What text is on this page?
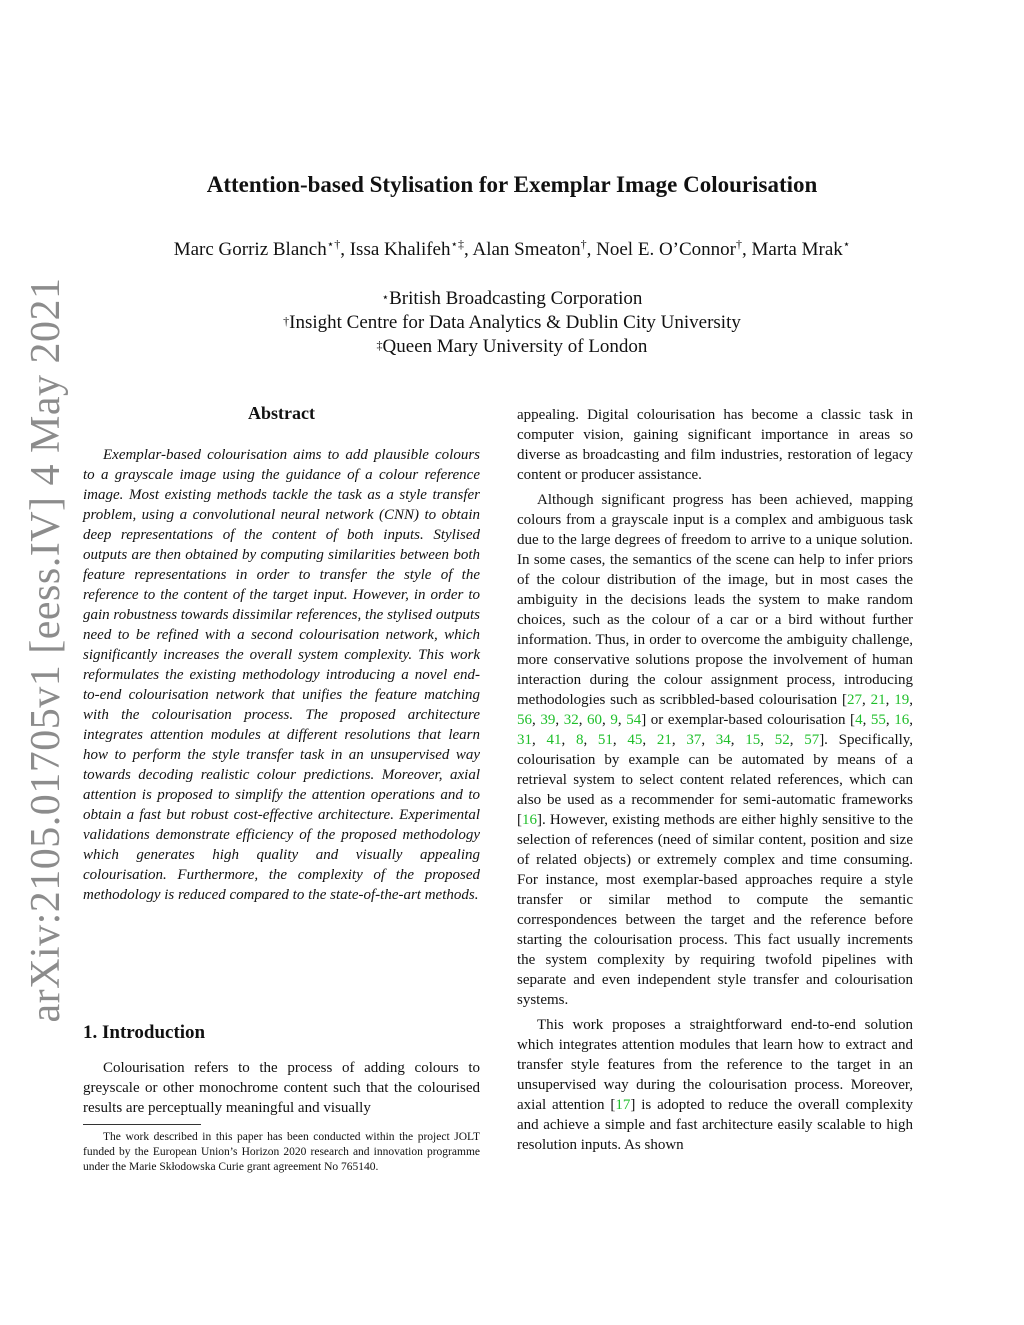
arXiv:2105.01705v1 [eess.IV] 4 May 2021
Attention-based Stylisation for Exemplar Image Colourisation
Marc Gorriz Blanch⋆†, Issa Khalifeh⋆‡, Alan Smeaton†, Noel E. O’Connor†, Marta Mrak⋆
⋆British Broadcasting Corporation
†Insight Centre for Data Analytics & Dublin City University
‡Queen Mary University of London
Abstract

Exemplar-based colourisation aims to add plausible colours to a grayscale image using the guidance of a colour reference image. Most existing methods tackle the task as a style transfer problem, using a convolutional neural network (CNN) to obtain deep representations of the content of both inputs. Stylised outputs are then obtained by computing similarities between both feature representations in order to transfer the style of the reference to the content of the target input. However, in order to gain robustness towards dissimilar references, the stylised outputs need to be refined with a second colourisation network, which significantly increases the overall system complexity. This work reformulates the existing methodology introducing a novel end-to-end colourisation network that unifies the feature matching with the colourisation process. The proposed architecture integrates attention modules at different resolutions that learn how to perform the style transfer task in an unsupervised way towards decoding realistic colour predictions. Moreover, axial attention is proposed to simplify the attention operations and to obtain a fast but robust cost-effective architecture. Experimental validations demonstrate efficiency of the proposed methodology which generates high quality and visually appealing colourisation. Furthermore, the complexity of the proposed methodology is reduced compared to the state-of-the-art methods.

1. Introduction

Colourisation refers to the process of adding colours to greyscale or other monochrome content such that the colourised results are perceptually meaningful and visually

The work described in this paper has been conducted within the project JOLT funded by the European Union’s Horizon 2020 research and innovation programme under the Marie Skłodowska Curie grant agreement No 765140.

appealing. Digital colourisation has become a classic task in computer vision, gaining significant importance in areas so diverse as broadcasting and film industries, restoration of legacy content or producer assistance.

Although significant progress has been achieved, mapping colours from a grayscale input is a complex and ambiguous task due to the large degrees of freedom to arrive to a unique solution. In some cases, the semantics of the scene can help to infer priors of the colour distribution of the image, but in most cases the ambiguity in the decisions leads the system to make random choices, such as the colour of a car or a bird without further information. Thus, in order to overcome the ambiguity challenge, more conservative solutions propose the involvement of human interaction during the colour assignment process, introducing methodologies such as scribbled-based colourisation [27, 21, 19, 56, 39, 32, 60, 9, 54] or exemplar-based colourisation [4, 55, 16, 31, 41, 8, 51, 45, 21, 37, 34, 15, 52, 57]. Specifically, colourisation by example can be automated by means of a retrieval system to select content related references, which can also be used as a recommender for semi-automatic frameworks [16]. However, existing methods are either highly sensitive to the selection of references (need of similar content, position and size of related objects) or extremely complex and time consuming. For instance, most exemplar-based approaches require a style transfer or similar method to compute the semantic correspondences between the target and the reference before starting the colourisation process. This fact usually increments the system complexity by requiring twofold pipelines with separate and even independent style transfer and colourisation systems.

This work proposes a straightforward end-to-end solution which integrates attention modules that learn how to extract and transfer style features from the reference to the target in an unsupervised way during the colourisation process. Moreover, axial attention [17] is adopted to reduce the overall complexity and achieve a simple and fast architecture easily scalable to high resolution inputs. As shown
